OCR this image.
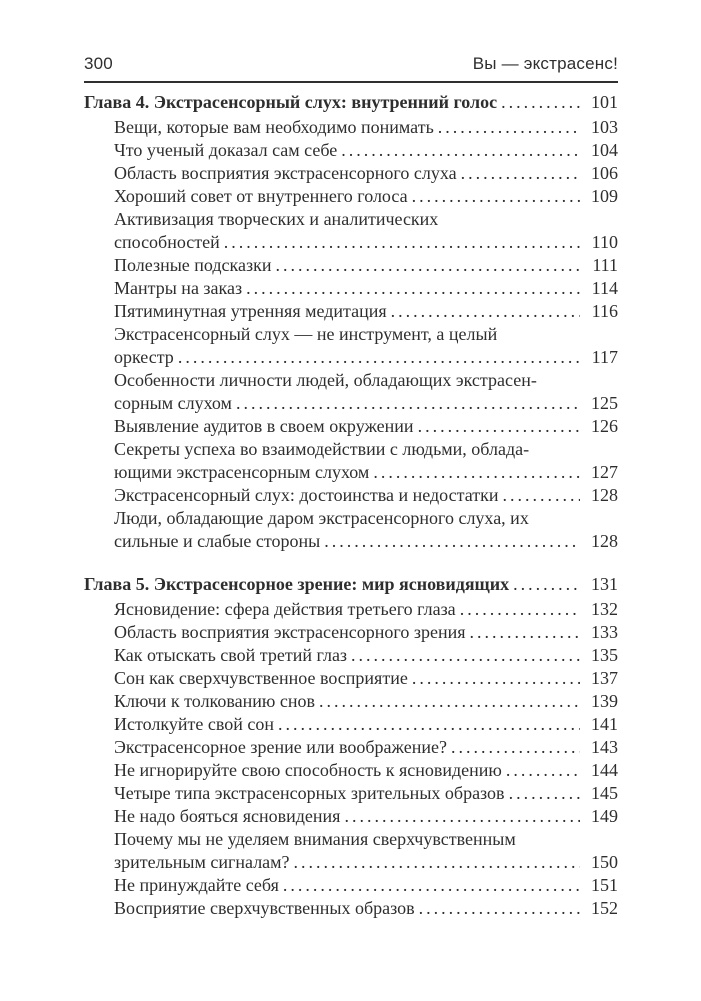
300	Вы — экстрасенс!
Глава 4. Экстрасенсорный слух: внутренний голос .....	101
Вещи, которые вам необходимо понимать .....	103
Что ученый доказал сам себе .....	104
Область восприятия экстрасенсорного слуха .....	106
Хороший совет от внутреннего голоса .....	109
Активизация творческих и аналитических
способностей .....	110
Полезные подсказки .....	111
Мантры на заказ .....	114
Пятиминутная утренняя медитация .....	116
Экстрасенсорный слух — не инструмент, а целый
оркестр .....	117
Особенности личности людей, обладающих экстрасен-
сорным слухом .....	125
Выявление аудитов в своем окружении .....	126
Секреты успеха во взаимодействии с людьми, облада-
ющими экстрасенсорным слухом .....	127
Экстрасенсорный слух: достоинства и недостатки .....	128
Люди, обладающие даром экстрасенсорного слуха, их
сильные и слабые стороны .....	128
Глава 5. Экстрасенсорное зрение: мир ясновидящих .....	131
Ясновидение: сфера действия третьего глаза .....	132
Область восприятия экстрасенсорного зрения .....	133
Как отыскать свой третий глаз .....	135
Сон как сверхчувственное восприятие .....	137
Ключи к толкованию снов .....	139
Истолкуйте свой сон .....	141
Экстрасенсорное зрение или воображение? .....	143
Не игнорируйте свою способность к ясновидению .....	144
Четыре типа экстрасенсорных зрительных образов .....	145
Не надо бояться ясновидения .....	149
Почему мы не уделяем внимания сверхчувственным
зрительным сигналам? .....	150
Не принуждайте себя .....	151
Восприятие сверхчувственных образов .....	152
